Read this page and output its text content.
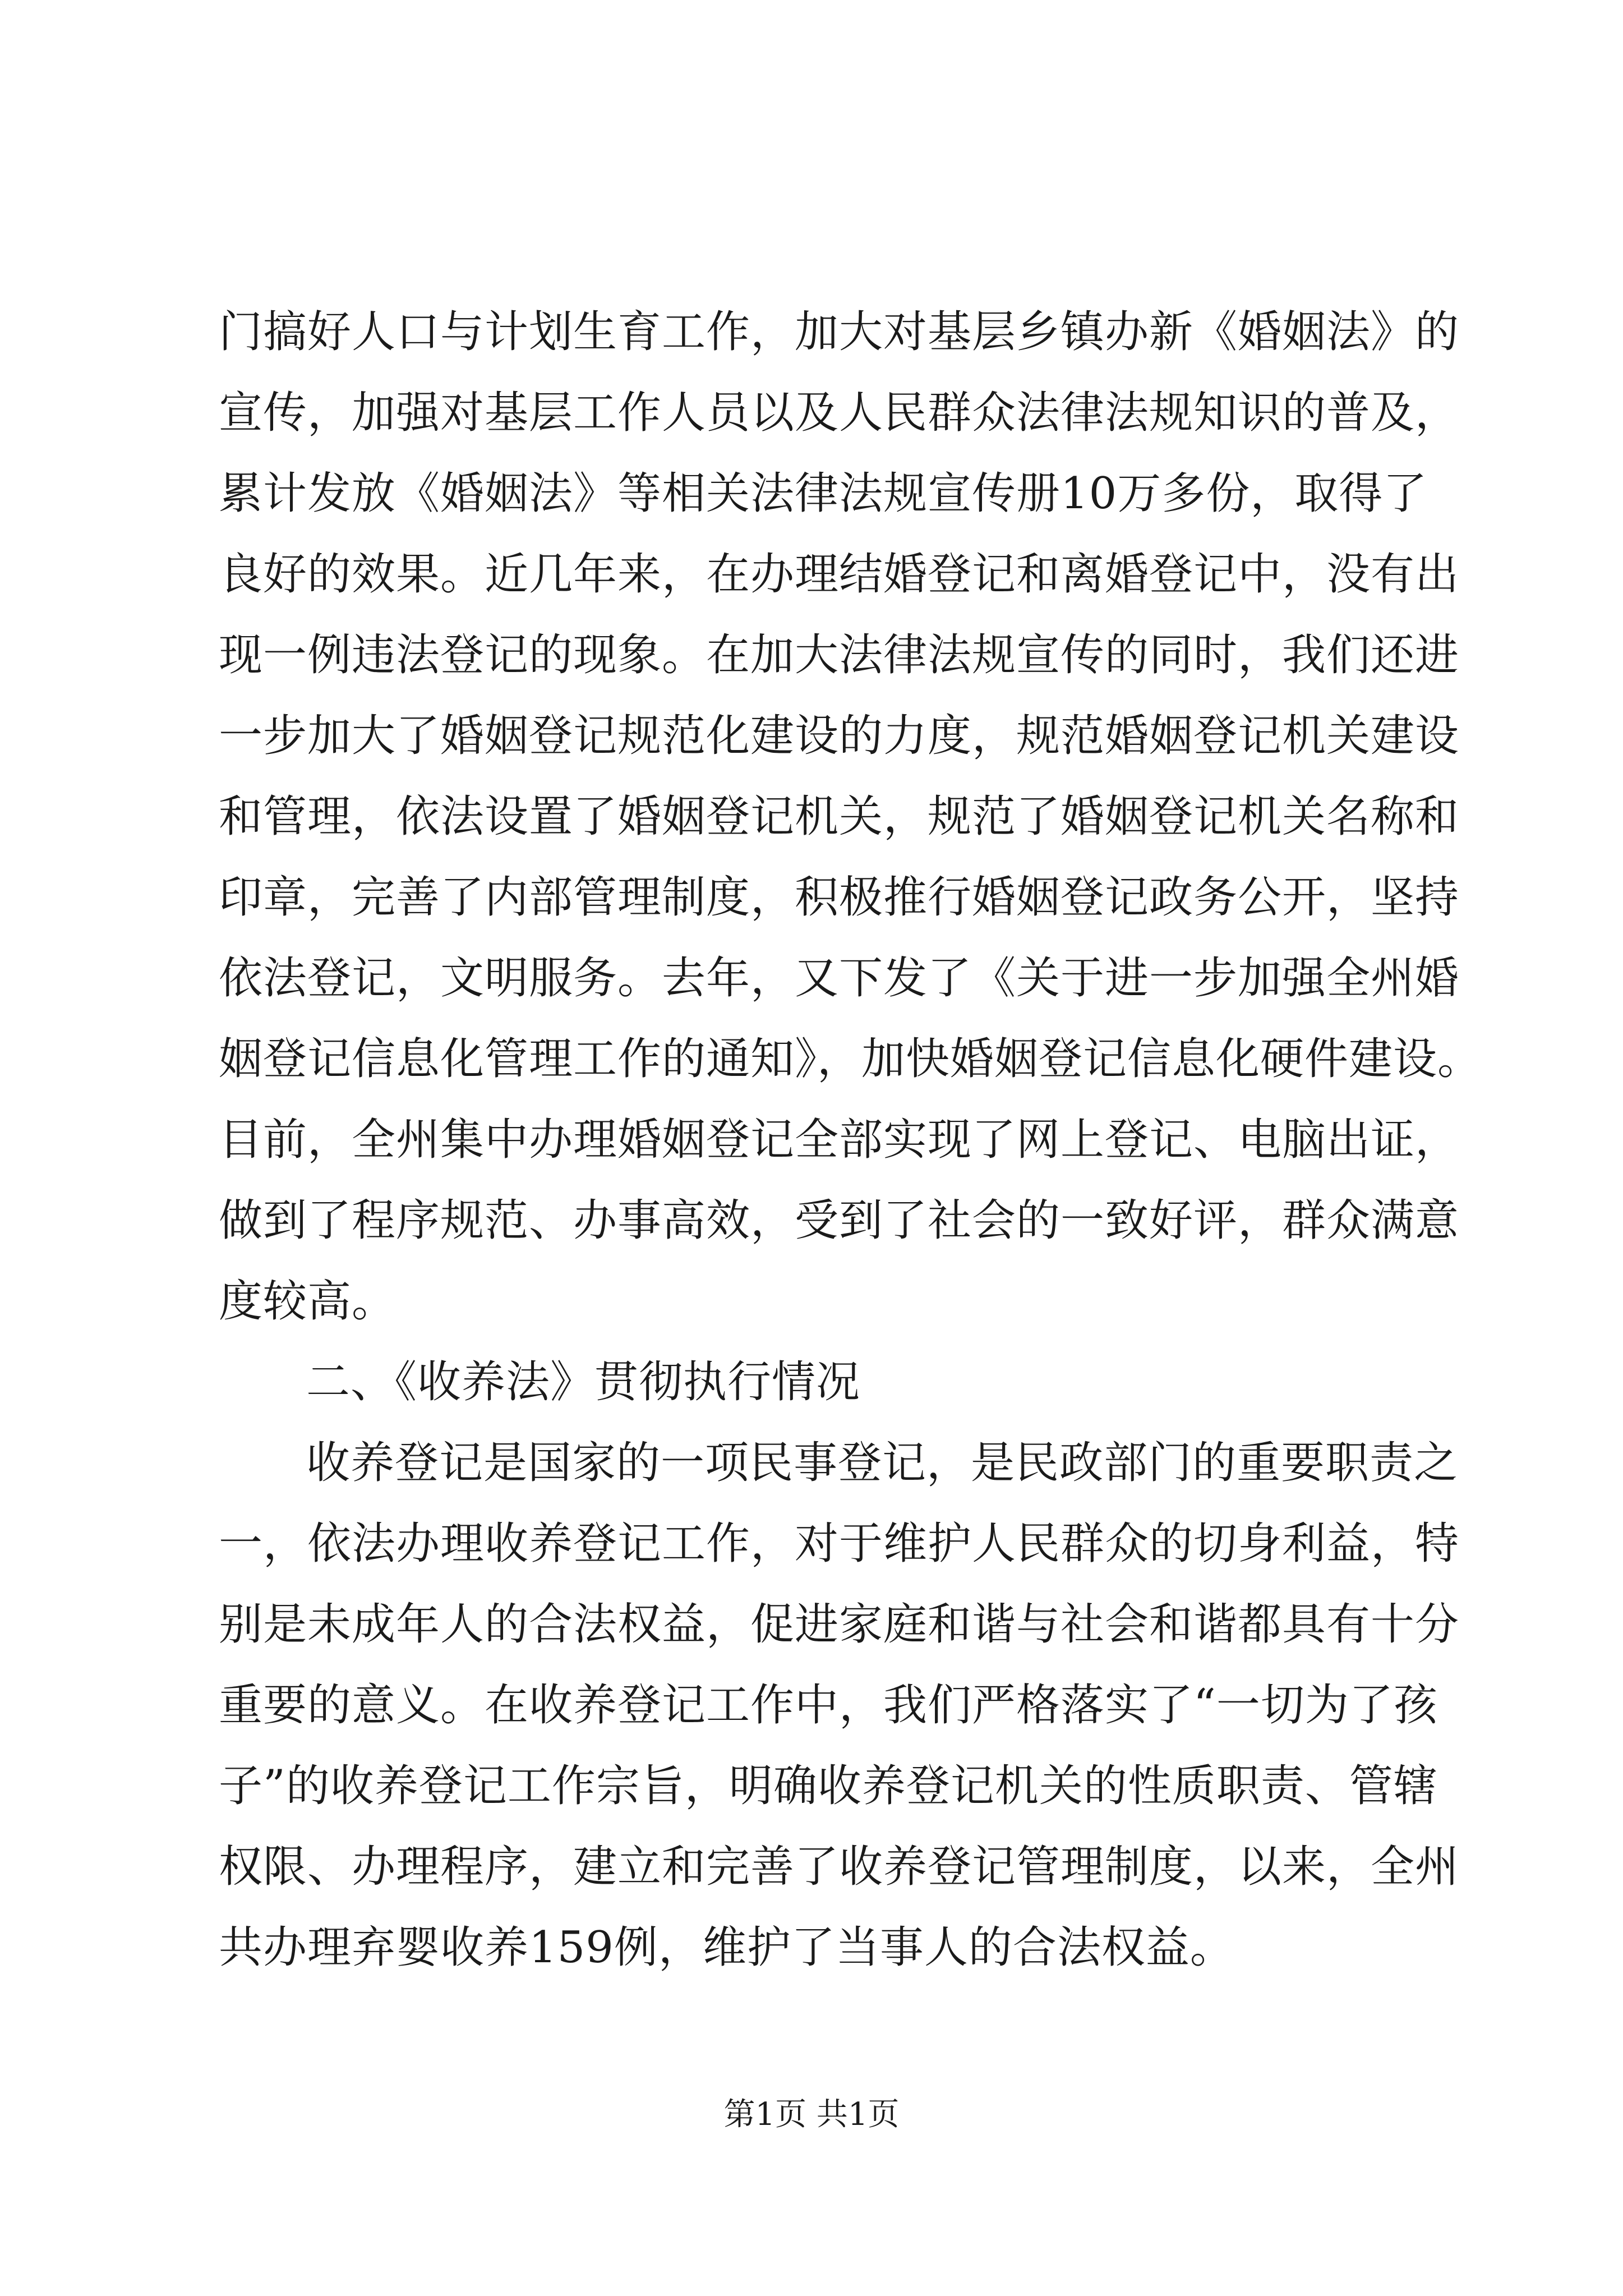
门搞好人口与计划生育工作，加大对基层乡镇办新《婚姻法》的
宣传，加强对基层工作人员以及人民群众法律法规知识的普及，
累计发放《婚姻法》等相关法律法规宣传册10万多份，取得了
良好的效果。近几年来，在办理结婚登记和离婚登记中，没有出
现一例违法登记的现象。在加大法律法规宣传的同时，我们还进
一步加大了婚姻登记规范化建设的力度，规范婚姻登记机关建设
和管理，依法设置了婚姻登记机关，规范了婚姻登记机关名称和
印章，完善了内部管理制度，积极推行婚姻登记政务公开，坚持
依法登记，文明服务。去年，又下发了《关于进一步加强全州婚
姻登记信息化管理工作的通知》，加快婚姻登记信息化硬件建设。
目前，全州集中办理婚姻登记全部实现了网上登记、电脑出证，
做到了程序规范、办事高效，受到了社会的一致好评，群众满意
度较高。
二、《收养法》贯彻执行情况
收养登记是国家的一项民事登记，是民政部门的重要职责之
一，依法办理收养登记工作，对于维护人民群众的切身利益，特
别是未成年人的合法权益，促进家庭和谐与社会和谐都具有十分
重要的意义。在收养登记工作中，我们严格落实了“一切为了孩
子”的收养登记工作宗旨，明确收养登记机关的性质职责、管辖
权限、办理程序，建立和完善了收养登记管理制度，以来，全州
共办理弃婴收养159例，维护了当事人的合法权益。
第1页 共1页
